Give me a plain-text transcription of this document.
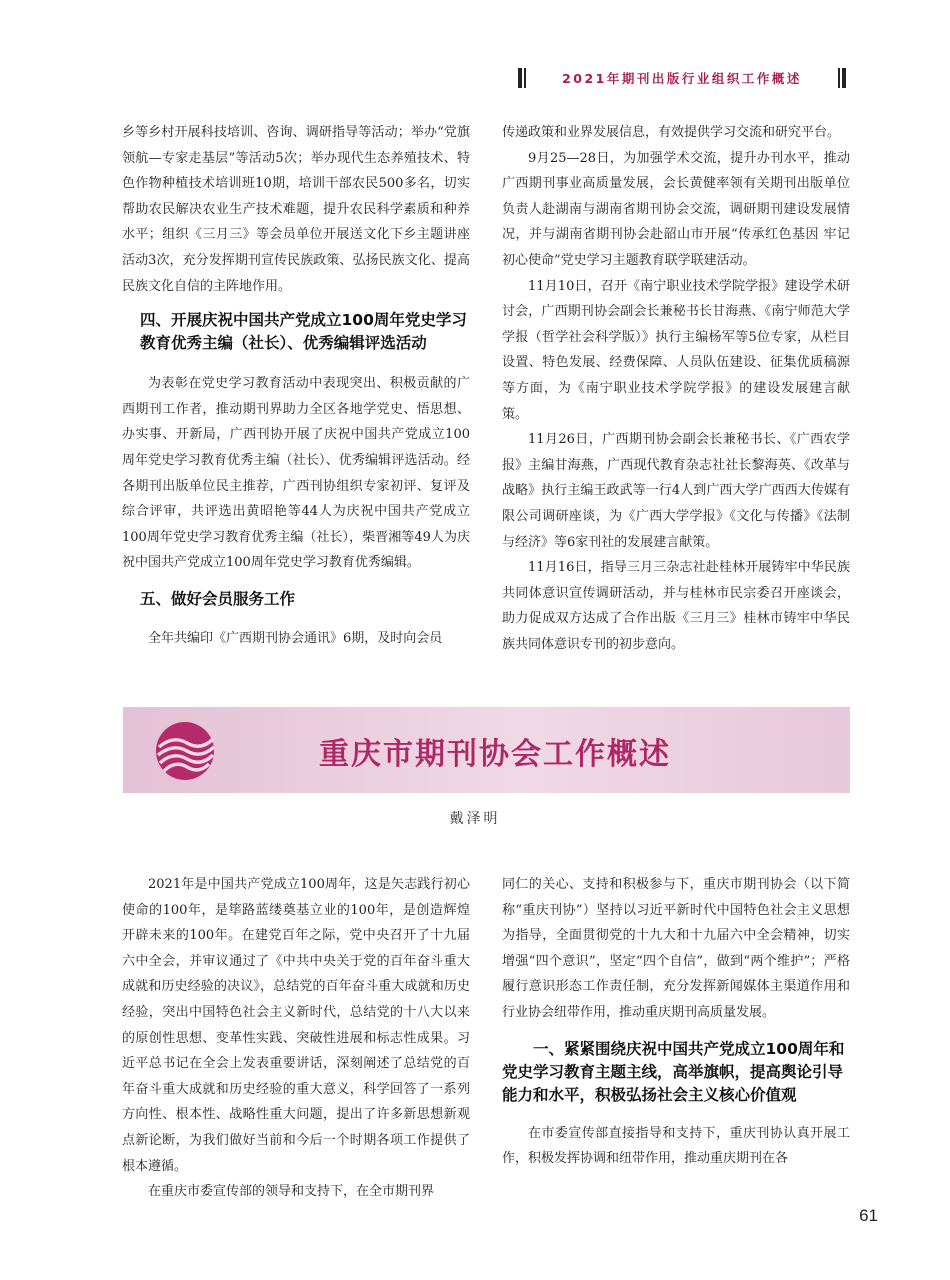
2021年期刊出版行业组织工作概述

乡等乡村开展科技培训、咨询、调研指导等活动；举办“党旗领航—专家走基层”等活动5次；举办现代生态养殖技术、特色作物种植技术培训班10期，培训干部农民500多名，切实帮助农民解决农业生产技术难题，提升农民科学素质和种养水平；组织《三月三》等会员单位开展送文化下乡主题讲座活动3次，充分发挥期刊宣传民族政策、弘扬民族文化、提高民族文化自信的主阵地作用。

四、开展庆祝中国共产党成立100周年党史学习教育优秀主编（社长）、优秀编辑评选活动

为表彰在党史学习教育活动中表现突出、积极贡献的广西期刊工作者，推动期刊界助力全区各地学党史、悟思想、办实事、开新局，广西刊协开展了庆祝中国共产党成立100周年党史学习教育优秀主编（社长）、优秀编辑评选活动。经各期刊出版单位民主推荐，广西刊协组织专家初评、复评及综合评审，共评选出黄昭艳等44人为庆祝中国共产党成立100周年党史学习教育优秀主编（社长），柴晋湘等49人为庆祝中国共产党成立100周年党史学习教育优秀编辑。

五、做好会员服务工作

全年共编印《广西期刊协会通讯》6期，及时向会员

传递政策和业界发展信息，有效提供学习交流和研究平台。

9月25—28日，为加强学术交流，提升办刊水平，推动广西期刊事业高质量发展，会长黄健率领有关期刊出版单位负责人赴湖南与湖南省期刊协会交流，调研期刊建设发展情况，并与湖南省期刊协会赴韶山市开展“传承红色基因 牢记初心使命”党史学习主题教育联学联建活动。

11月10日，召开《南宁职业技术学院学报》建设学术研讨会，广西期刊协会副会长兼秘书长甘海燕、《南宁师范大学学报（哲学社会科学版）》执行主编杨军等5位专家，从栏目设置、特色发展、经费保障、人员队伍建设、征集优质稿源等方面，为《南宁职业技术学院学报》的建设发展建言献策。

11月26日，广西期刊协会副会长兼秘书长、《广西农学报》主编甘海燕，广西现代教育杂志社社长黎海英、《改革与战略》执行主编王政武等一行4人到广西大学广西西大传媒有限公司调研座谈，为《广西大学学报》《文化与传播》《法制与经济》等6家刊社的发展建言献策。

11月16日，指导三月三杂志社赴桂林开展铸牢中华民族共同体意识宣传调研活动，并与桂林市民宗委召开座谈会，助力促成双方达成了合作出版《三月三》桂林市铸牢中华民族共同体意识专刊的初步意向。

重庆市期刊协会工作概述
戴泽明

2021年是中国共产党成立100周年，这是矢志践行初心使命的100年，是筚路蓝缕奠基立业的100年，是创造辉煌开辟未来的100年。在建党百年之际，党中央召开了十九届六中全会，并审议通过了《中共中央关于党的百年奋斗重大成就和历史经验的决议》，总结党的百年奋斗重大成就和历史经验，突出中国特色社会主义新时代，总结党的十八大以来的原创性思想、变革性实践、突破性进展和标志性成果。习近平总书记在全会上发表重要讲话，深刻阐述了总结党的百年奋斗重大成就和历史经验的重大意义，科学回答了一系列方向性、根本性、战略性重大问题，提出了许多新思想新观点新论断，为我们做好当前和今后一个时期各项工作提供了根本遵循。

在重庆市委宣传部的领导和支持下，在全市期刊界

同仁的关心、支持和积极参与下，重庆市期刊协会（以下简称“重庆刊协”）坚持以习近平新时代中国特色社会主义思想为指导，全面贯彻党的十九大和十九届六中全会精神，切实增强“四个意识”，坚定“四个自信”，做到“两个维护”；严格履行意识形态工作责任制，充分发挥新闻媒体主渠道作用和行业协会纽带作用，推动重庆期刊高质量发展。

一、紧紧围绕庆祝中国共产党成立100周年和党史学习教育主题主线，高举旗帜，提高舆论引导能力和水平，积极弘扬社会主义核心价值观

在市委宣传部直接指导和支持下，重庆刊协认真开展工作，积极发挥协调和纽带作用，推动重庆期刊在各

61
